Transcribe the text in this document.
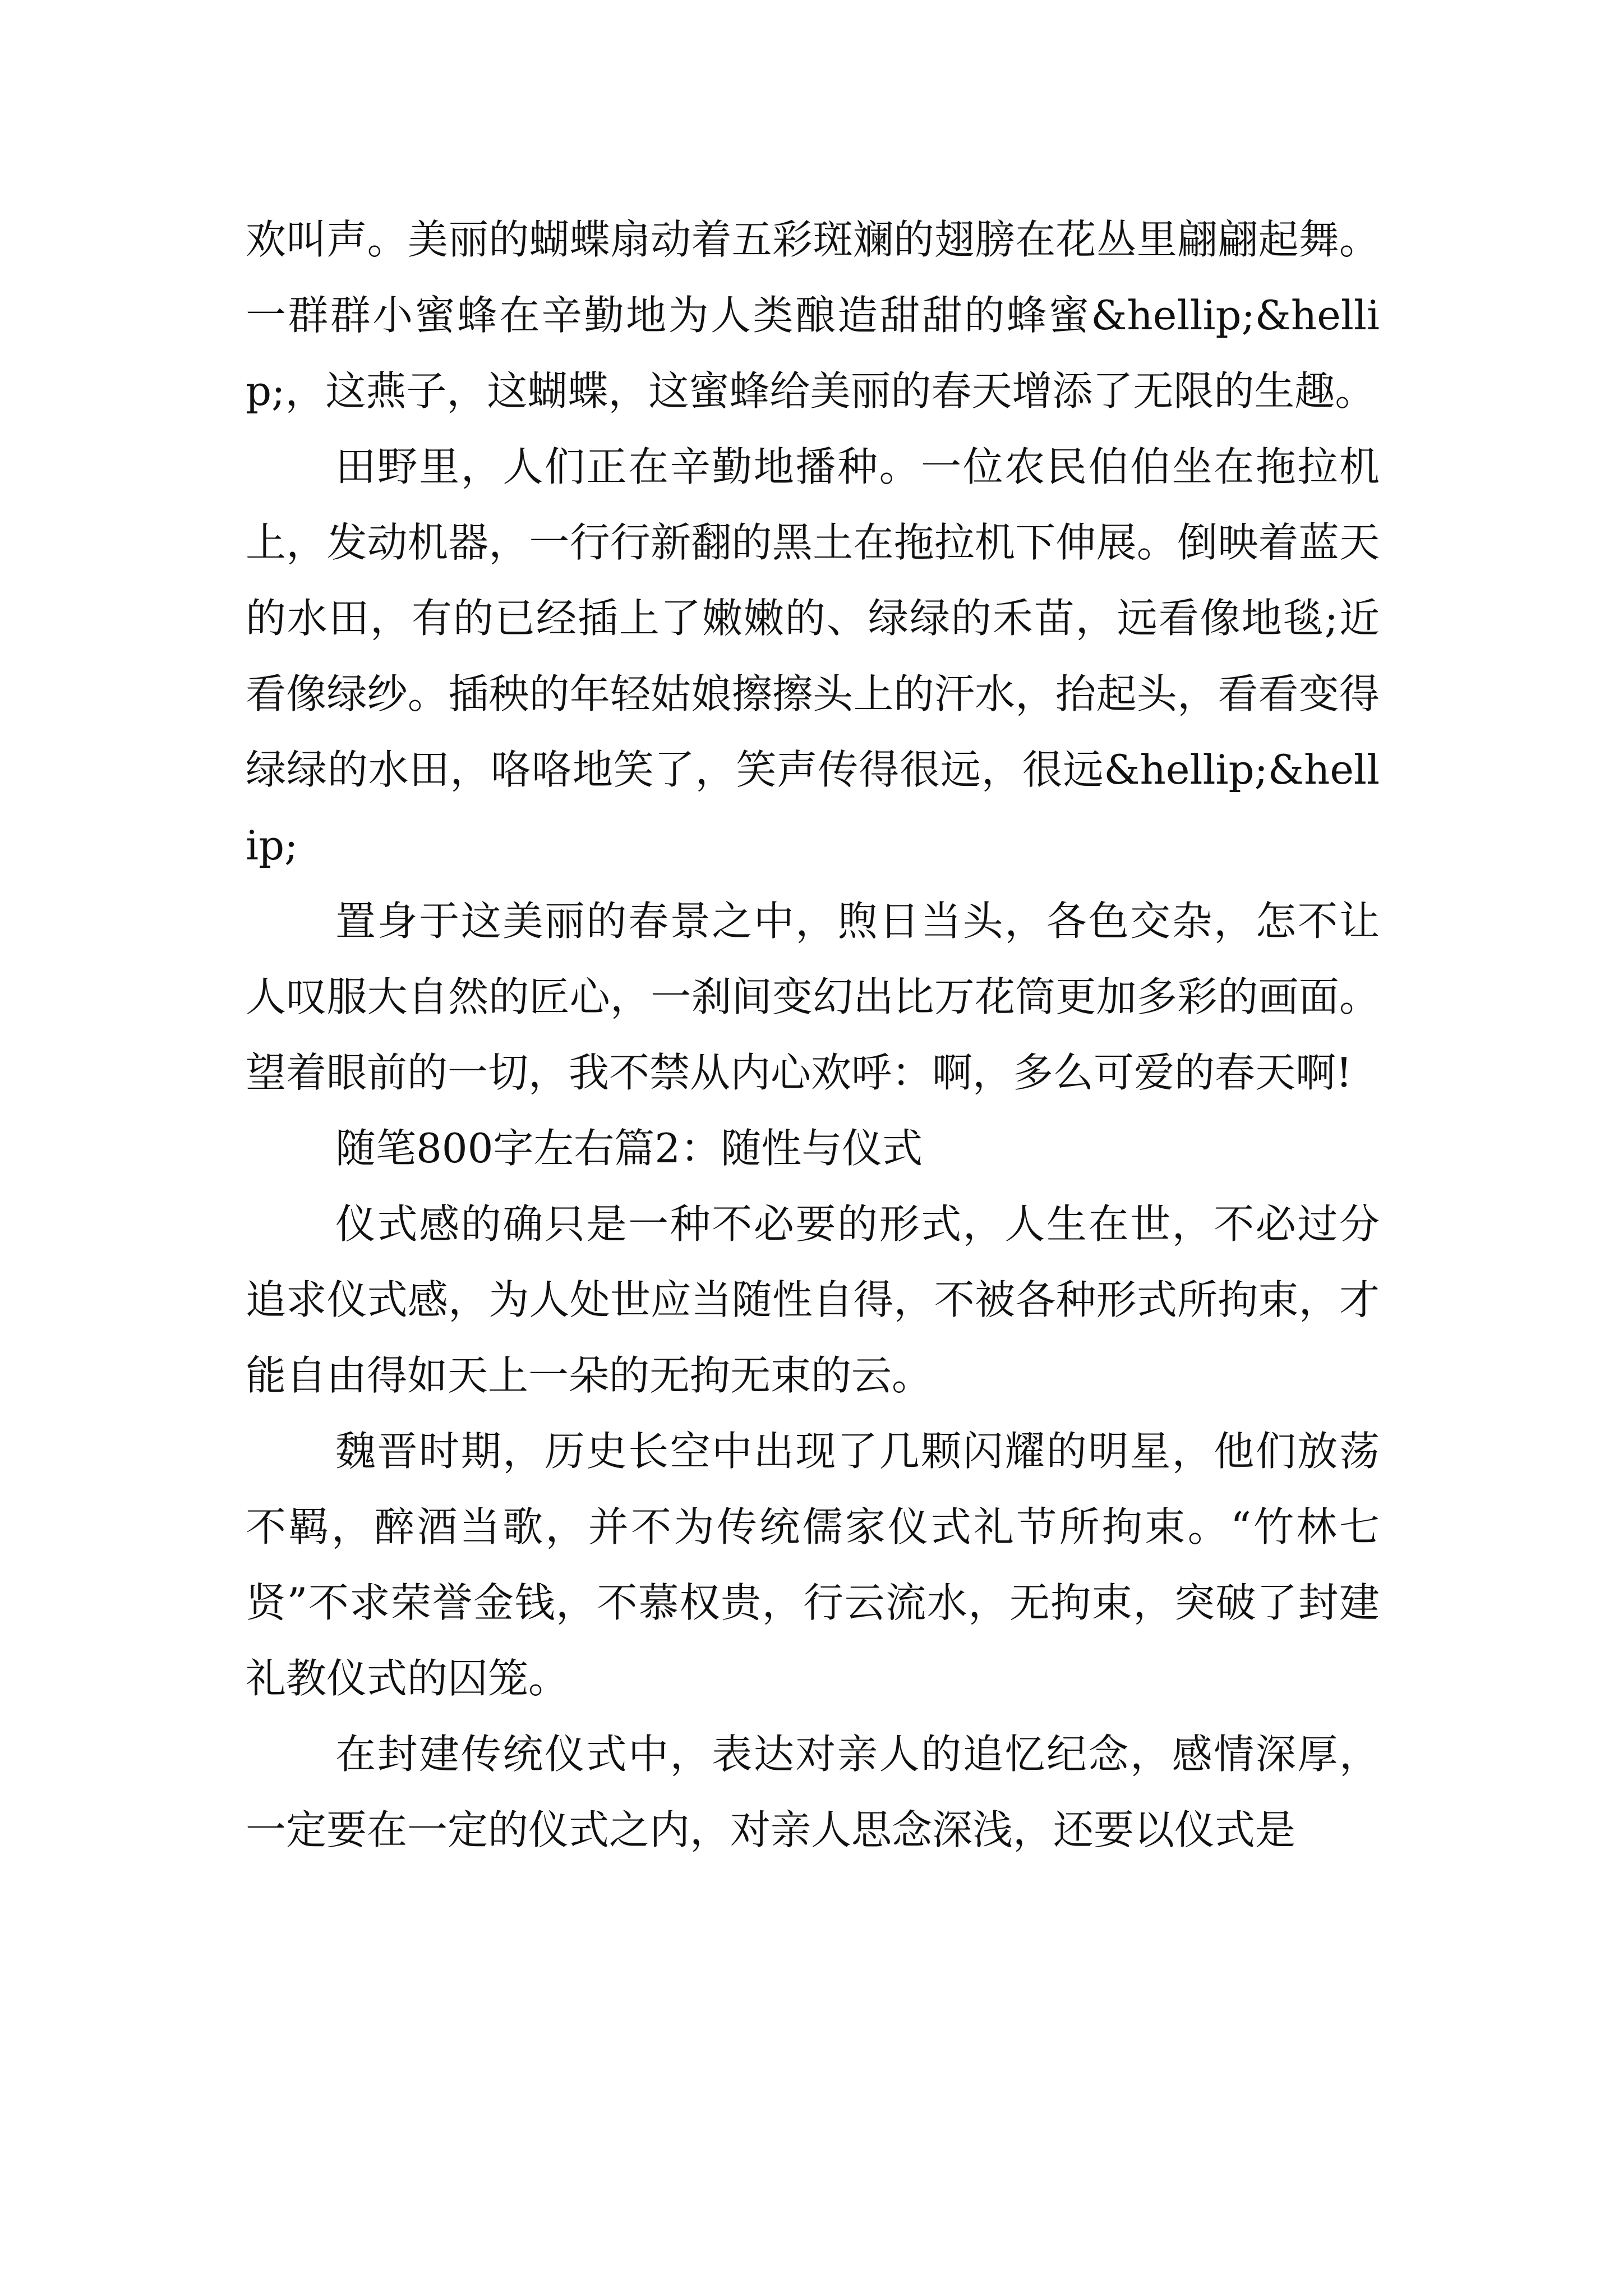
欢叫声。美丽的蝴蝶扇动着五彩斑斓的翅膀在花丛里翩翩起舞。一群群小蜜蜂在辛勤地为人类酿造甜甜的蜂蜜&hellip;&hellip;，这燕子，这蝴蝶，这蜜蜂给美丽的春天增添了无限的生趣。

田野里，人们正在辛勤地播种。一位农民伯伯坐在拖拉机上，发动机器，一行行新翻的黑土在拖拉机下伸展。倒映着蓝天的水田，有的已经插上了嫩嫩的、绿绿的禾苗，远看像地毯;近看像绿纱。插秧的年轻姑娘擦擦头上的汗水，抬起头，看看变得绿绿的水田，咯咯地笑了，笑声传得很远，很远&hellip;&hellip;

置身于这美丽的春景之中，煦日当头，各色交杂，怎不让人叹服大自然的匠心，一刹间变幻出比万花筒更加多彩的画面。望着眼前的一切，我不禁从内心欢呼：啊，多么可爱的春天啊!

随笔800字左右篇2：随性与仪式

仪式感的确只是一种不必要的形式，人生在世，不必过分追求仪式感，为人处世应当随性自得，不被各种形式所拘束，才能自由得如天上一朵的无拘无束的云。

魏晋时期，历史长空中出现了几颗闪耀的明星，他们放荡不羁，醉酒当歌，并不为传统儒家仪式礼节所拘束。“竹林七贤”不求荣誉金钱，不慕权贵，行云流水，无拘束，突破了封建礼教仪式的囚笼。

在封建传统仪式中，表达对亲人的追忆纪念，感情深厚，一定要在一定的仪式之内，对亲人思念深浅，还要以仪式是
